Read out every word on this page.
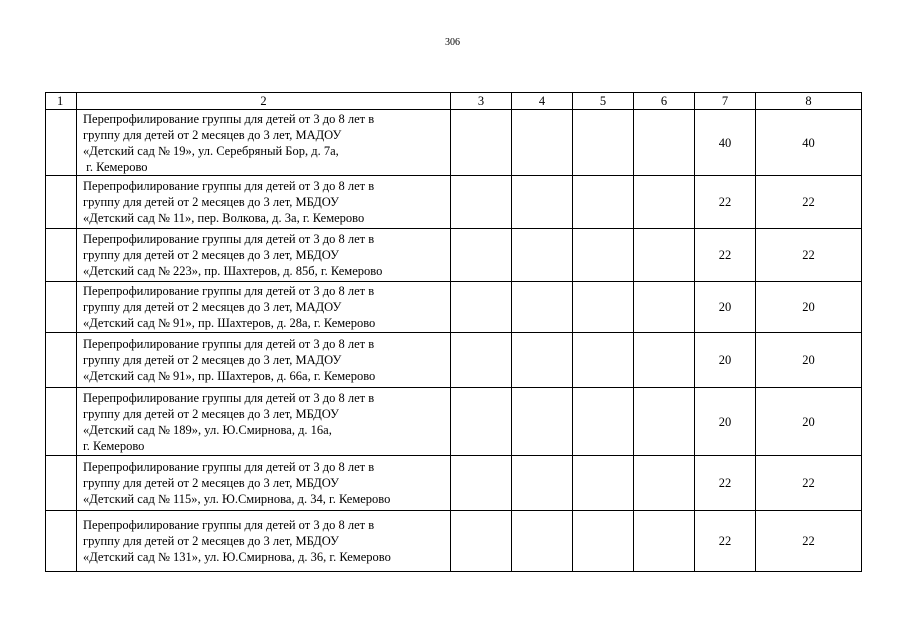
306
1	2	3	4	5	6	7	8

	Перепрофилирование группы для детей от 3 до 8 лет в
группу для детей от 2 месяцев до 3 лет, МАДОУ
«Детский сад № 19», ул. Серебряный Бор, д. 7а,
г. Кемерово					40	40

	Перепрофилирование группы для детей от 3 до 8 лет в
группу для детей от 2 месяцев до 3 лет, МБДОУ
«Детский сад № 11», пер. Волкова, д. 3а, г. Кемерово					22	22

	Перепрофилирование группы для детей от 3 до 8 лет в
группу для детей от 2 месяцев до 3 лет, МБДОУ
«Детский сад № 223», пр. Шахтеров, д. 85б, г. Кемерово					22	22

	Перепрофилирование группы для детей от 3 до 8 лет в
группу для детей от 2 месяцев до 3 лет, МАДОУ
«Детский сад № 91», пр. Шахтеров, д. 28а, г. Кемерово					20	20

	Перепрофилирование группы для детей от 3 до 8 лет в
группу для детей от 2 месяцев до 3 лет, МАДОУ
«Детский сад № 91», пр. Шахтеров, д. 66а, г. Кемерово					20	20

	Перепрофилирование группы для детей от 3 до 8 лет в
группу для детей от 2 месяцев до 3 лет, МБДОУ
«Детский сад № 189», ул. Ю.Смирнова, д. 16а,
г. Кемерово					20	20

	Перепрофилирование группы для детей от 3 до 8 лет в
группу для детей от 2 месяцев до 3 лет, МБДОУ
«Детский сад № 115», ул. Ю.Смирнова, д. 34, г. Кемерово					22	22

	Перепрофилирование группы для детей от 3 до 8 лет в
группу для детей от 2 месяцев до 3 лет, МБДОУ
«Детский сад № 131», ул. Ю.Смирнова, д. 36, г. Кемерово					22	22
